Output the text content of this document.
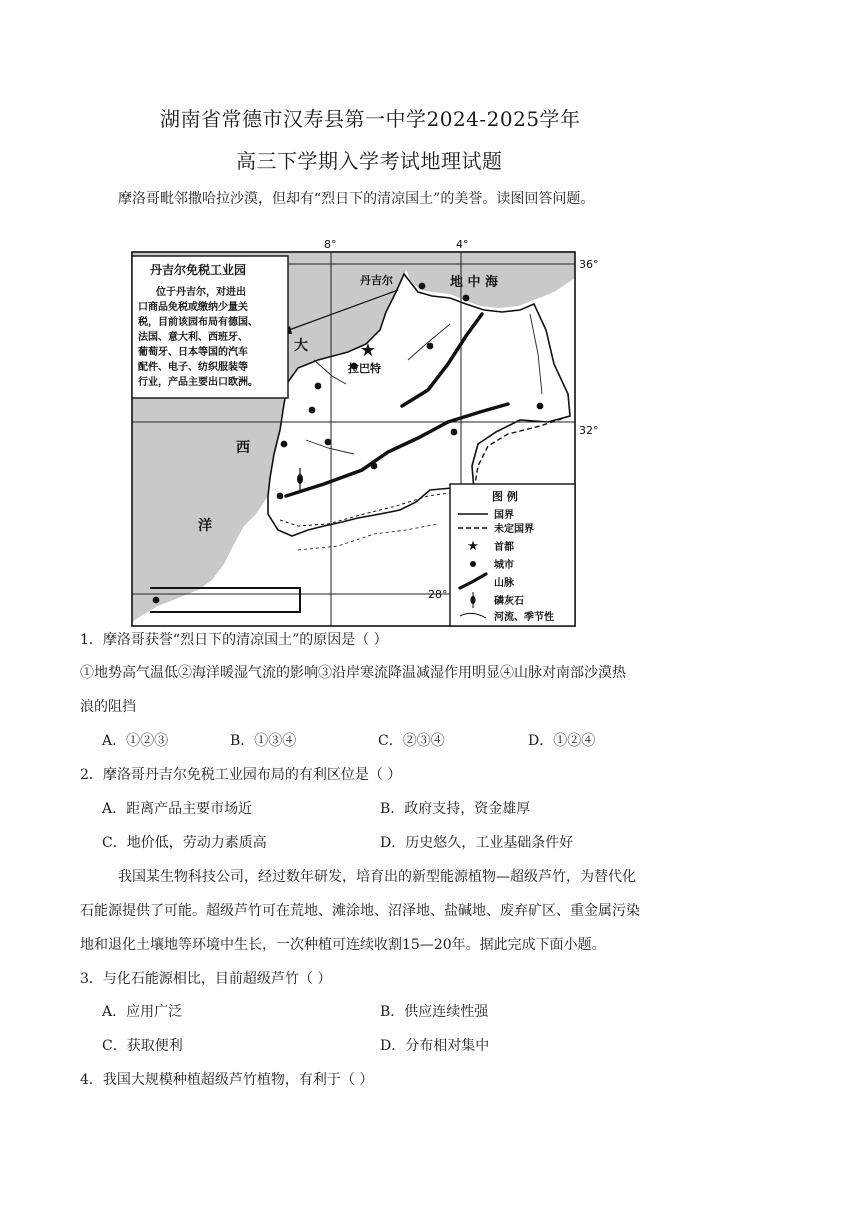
湖南省常德市汉寿县第一中学2024-2025学年
高三下学期入学考试地理试题
摩洛哥毗邻撒哈拉沙漠，但却有“烈日下的清凉国土”的美誉。读图回答问题。
★
丹吉尔免税工业园
位于丹吉尔，对进出
口商品免税或缴纳少量关
税，目前该园布局有德国、
法国、意大利、西班牙、
葡萄牙、日本等国的汽车
配件、电子、纺织服装等
行业，产品主要出口欧洲。
8°	4°
36°
32°
28°
地 中 海
丹吉尔
拉巴特
大
西
洋
图 例
国界
未定国界
★ 首都
城市
山脉
磷灰石
河流、季节性
1．摩洛哥获誉“烈日下的清凉国土”的原因是（ ）
①地势高气温低②海洋暖湿气流的影响③沿岸寒流降温减湿作用明显④山脉对南部沙漠热
浪的阻挡
A．①②③	B．①③④	C．②③④	D．①②④
2．摩洛哥丹吉尔免税工业园布局的有利区位是（ ）
A．距离产品主要市场近	B．政府支持，资金雄厚
C．地价低，劳动力素质高	D．历史悠久，工业基础条件好
我国某生物科技公司，经过数年研发，培育出的新型能源植物—超级芦竹，为替代化
石能源提供了可能。超级芦竹可在荒地、滩涂地、沼泽地、盐碱地、废弃矿区、重金属污染
地和退化土壤地等环境中生长，一次种植可连续收割15—20年。据此完成下面小题。
3．与化石能源相比，目前超级芦竹（ ）
A．应用广泛	B．供应连续性强
C．获取便利	D．分布相对集中
4．我国大规模种植超级芦竹植物，有利于（ ）
